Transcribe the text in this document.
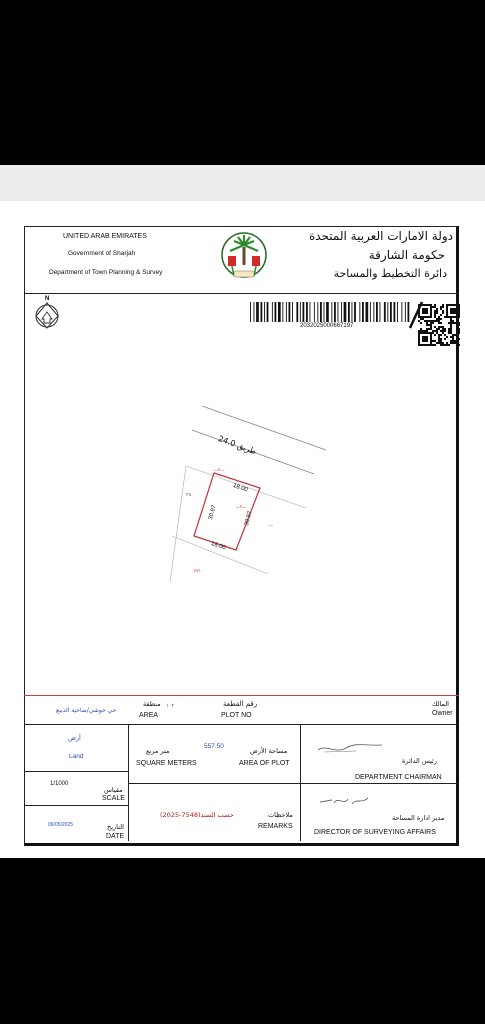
UNITED ARAB EMIRATES
Government of Sharjah
Department of Town Planning & Survey
دولة الامارات العربية المتحدة
حكومة الشارقة
دائرة التخطيط والمساحة
N
2032025000667197
ٮ٣ٮ٠
ٮ٣ٮ
ٮ٠
٣٥٦٠
٢٨
طريق 24.0
18.00
18.00
30.97	30.97
AREA
منطقة
حي حوشي/ضاحية الذيبع
١٠٢
PLOT NO
رقم القطعة
Owner
المالك
أرض
Land
557.50
متر مربع
SQUARE METERS
مساحة الأرض
AREA OF PLOT	رئيس الدائرة
DEPARTMENT CHAIRMAN
1/1000
مقياس
SCALE
حسب السند(7548-2025)	ملاحظات
REMARKS
مدير ادارة المساحة
DIRECTOR OF SURVEYING AFFAIRS
09/05/2025	التاريخ
DATE
